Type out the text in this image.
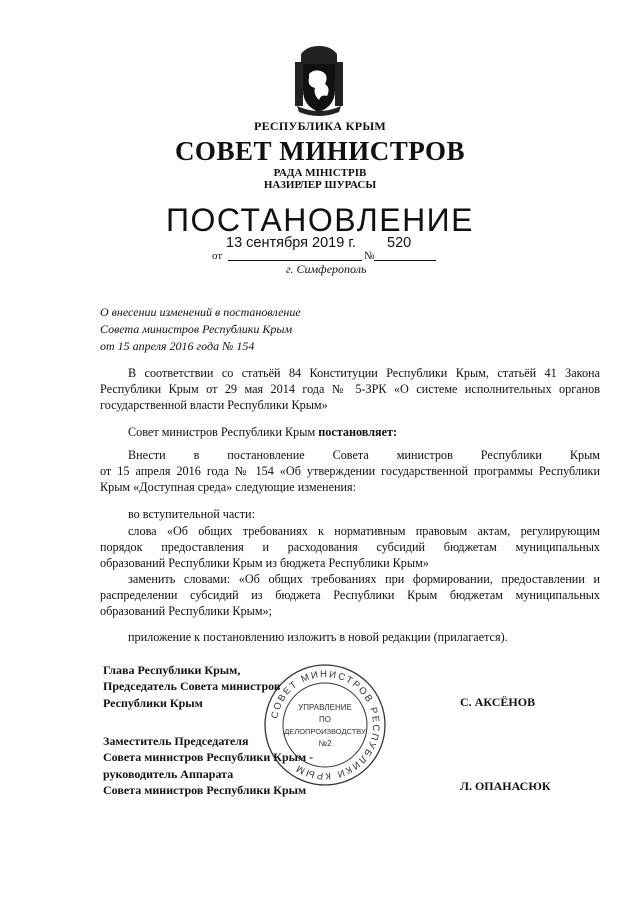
РЕСПУБЛИКА КРЫМ
СОВЕТ МИНИСТРОВ
РАДА МІНІСТРІВ
НАЗИРЛЕР ШУРАСЫ
ПОСТАНОВЛЕНИЕ
13 сентября 2019 г. 520
от	№
г. Симферополь
О внесении изменений в постановление
Совета министров Республики Крым
от 15 апреля 2016 года № 154
В соответствии со статьёй 84 Конституции Республики Крым, статьёй 41 Закона
Республики Крым от 29 мая 2014 года № 5-ЗРК «О системе исполнительных органов
государственной власти Республики Крым»
Совет министров Республики Крым постановляет:
Внести в постановление Совета министров Республики Крым
от 15 апреля 2016 года № 154 «Об утверждении государственной программы Республики
Крым «Доступная среда» следующие изменения:
во вступительной части:
слова «Об общих требованиях к нормативным правовым актам, регулирующим
порядок предоставления и расходования субсидий бюджетам муниципальных
образований Республики Крым из бюджета Республики Крым»
заменить словами: «Об общих требованиях при формировании, предоставлении и
распределении субсидий из бюджета Республики Крым бюджетам муниципальных
образований Республики Крым»;
приложение к постановлению изложить в новой редакции (прилагается).
СОВЕТ МИНИСТРОВ РЕСПУБЛИКИ КРЫМ
УПРАВЛЕНИЕ
ПО
ДЕЛОПРОИЗВОДСТВУ
№2
Глава Республики Крым,
Председатель Совета министров
Республики Крым	С. АКСЁНОВ
Заместитель Председателя
Совета министров Республики Крым -
руководитель Аппарата
Совета министров Республики Крым	Л. ОПАНАСЮК
